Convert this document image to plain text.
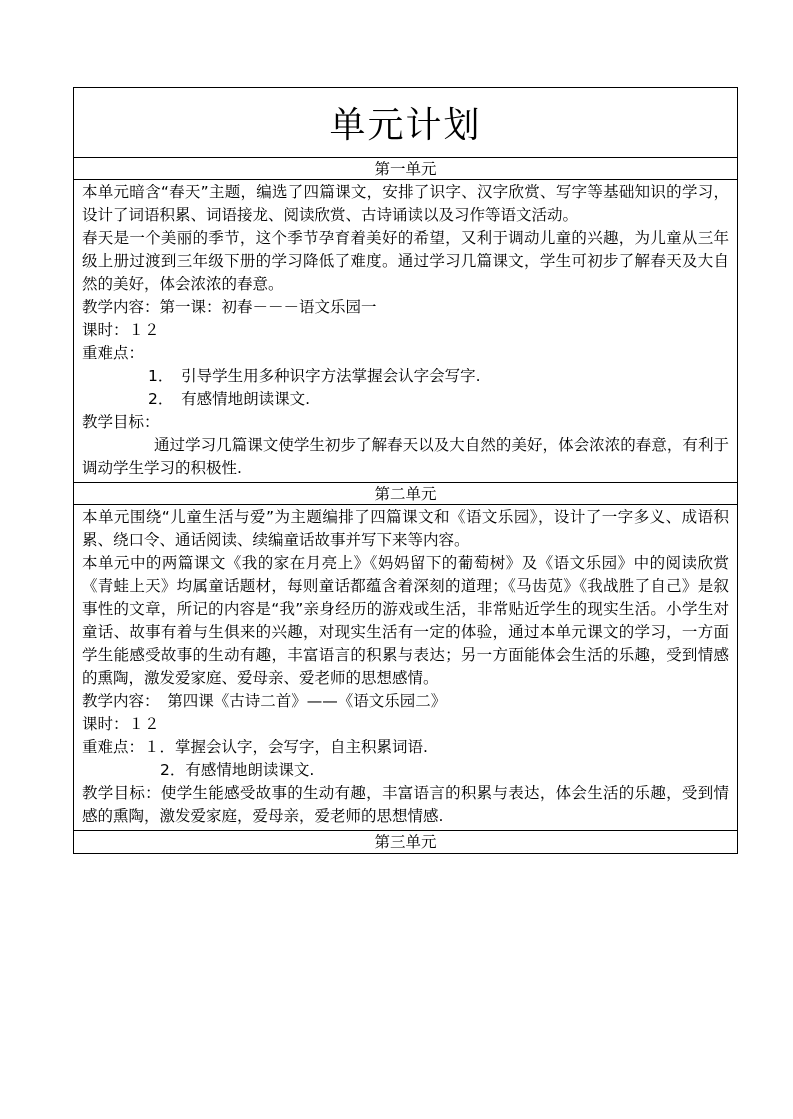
单元计划
第一单元

本单元暗含“春天”主题，编选了四篇课文，安排了识字、汉字欣赏、写字等基础知识的学习，设计了词语积累、词语接龙、阅读欣赏、古诗诵读以及习作等语文活动。

春天是一个美丽的季节，这个季节孕育着美好的希望，又利于调动儿童的兴趣，为儿童从三年级上册过渡到三年级下册的学习降低了难度。通过学习几篇课文，学生可初步了解春天及大自然的美好，体会浓浓的春意。

教学内容：第一课：初春－－－语文乐园一

课时：１２

重难点：

1．　引导学生用多种识字方法掌握会认字会写字.

2．　有感情地朗读课文.

教学目标：

通过学习几篇课文使学生初步了解春天以及大自然的美好，体会浓浓的春意，有利于调动学生学习的积极性.

第二单元

本单元围绕“儿童生活与爱”为主题编排了四篇课文和《语文乐园》，设计了一字多义、成语积累、绕口令、通话阅读、续编童话故事并写下来等内容。

本单元中的两篇课文《我的家在月亮上》《妈妈留下的葡萄树》及《语文乐园》中的阅读欣赏《青蛙上天》均属童话题材，每则童话都蕴含着深刻的道理；《马齿苋》《我战胜了自己》是叙事性的文章，所记的内容是“我”亲身经历的游戏或生活，非常贴近学生的现实生活。小学生对童话、故事有着与生俱来的兴趣，对现实生活有一定的体验，通过本单元课文的学习，一方面学生能感受故事的生动有趣，丰富语言的积累与表达；另一方面能体会生活的乐趣，受到情感的熏陶，激发爱家庭、爱母亲、爱老师的思想感情。

教学内容：　第四课《古诗二首》——《语文乐园二》

课时：１２

重难点：１．掌握会认字，会写字，自主积累词语.

2．有感情地朗读课文.

教学目标：使学生能感受故事的生动有趣，丰富语言的积累与表达，体会生活的乐趣，受到情感的熏陶，激发爱家庭，爱母亲，爱老师的思想情感.

第三单元
